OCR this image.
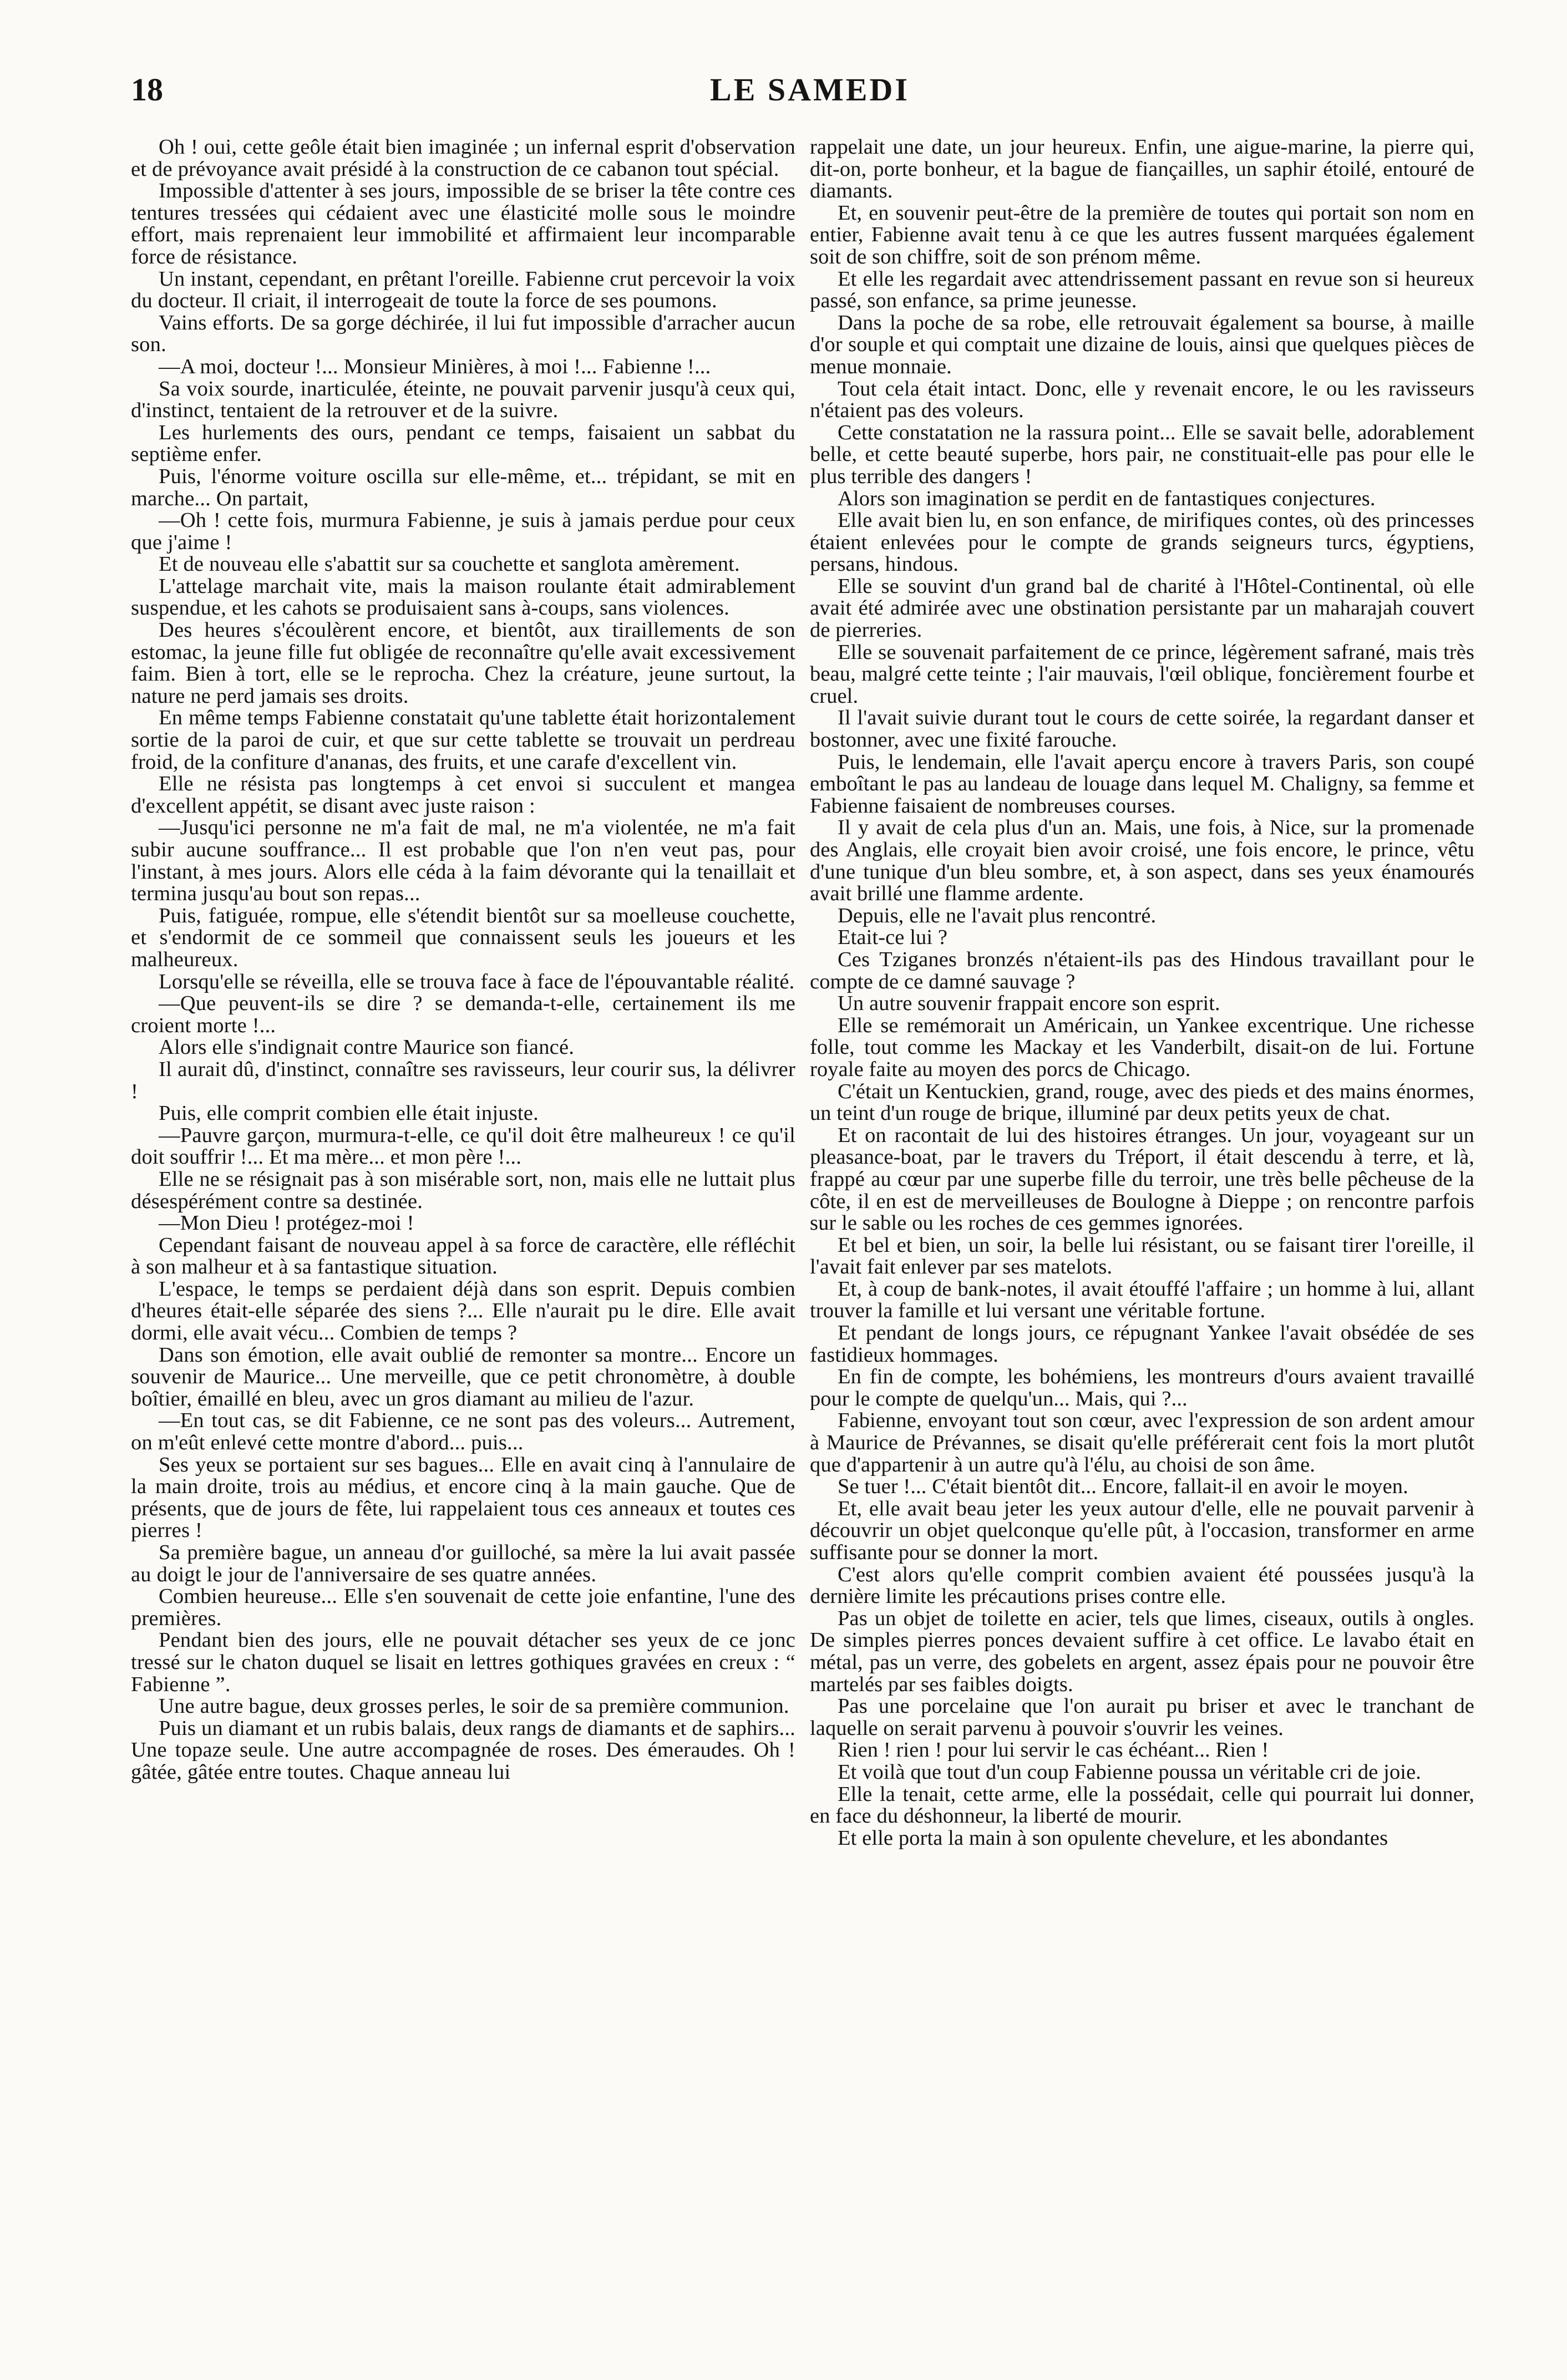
18	LE SAMEDI

Oh ! oui, cette geôle était bien imaginée ; un infernal esprit d'observation et de prévoyance avait présidé à la construction de ce cabanon tout spécial.

Impossible d'attenter à ses jours, impossible de se briser la tête contre ces tentures tressées qui cédaient avec une élasticité molle sous le moindre effort, mais reprenaient leur immobilité et affirmaient leur incomparable force de résistance.

Un instant, cependant, en prêtant l'oreille. Fabienne crut percevoir la voix du docteur. Il criait, il interrogeait de toute la force de ses poumons.

Vains efforts. De sa gorge déchirée, il lui fut impossible d'arracher aucun son.

—A moi, docteur !... Monsieur Minières, à moi !... Fabienne !...

Sa voix sourde, inarticulée, éteinte, ne pouvait parvenir jusqu'à ceux qui, d'instinct, tentaient de la retrouver et de la suivre.

Les hurlements des ours, pendant ce temps, faisaient un sabbat du septième enfer.

Puis, l'énorme voiture oscilla sur elle-même, et... trépidant, se mit en marche... On partait,

—Oh ! cette fois, murmura Fabienne, je suis à jamais perdue pour ceux que j'aime !

Et de nouveau elle s'abattit sur sa couchette et sanglota amèrement.

L'attelage marchait vite, mais la maison roulante était admirablement suspendue, et les cahots se produisaient sans à-coups, sans violences.

Des heures s'écoulèrent encore, et bientôt, aux tiraillements de son estomac, la jeune fille fut obligée de reconnaître qu'elle avait excessivement faim. Bien à tort, elle se le reprocha. Chez la créature, jeune surtout, la nature ne perd jamais ses droits.

En même temps Fabienne constatait qu'une tablette était horizontalement sortie de la paroi de cuir, et que sur cette tablette se trouvait un perdreau froid, de la confiture d'ananas, des fruits, et une carafe d'excellent vin.

Elle ne résista pas longtemps à cet envoi si succulent et mangea d'excellent appétit, se disant avec juste raison :

—Jusqu'ici personne ne m'a fait de mal, ne m'a violentée, ne m'a fait subir aucune souffrance... Il est probable que l'on n'en veut pas, pour l'instant, à mes jours. Alors elle céda à la faim dévorante qui la tenaillait et termina jusqu'au bout son repas...

Puis, fatiguée, rompue, elle s'étendit bientôt sur sa moelleuse couchette, et s'endormit de ce sommeil que connaissent seuls les joueurs et les malheureux.

Lorsqu'elle se réveilla, elle se trouva face à face de l'épouvantable réalité.

—Que peuvent-ils se dire ? se demanda-t-elle, certainement ils me croient morte !...

Alors elle s'indignait contre Maurice son fiancé.

Il aurait dû, d'instinct, connaître ses ravisseurs, leur courir sus, la délivrer !

Puis, elle comprit combien elle était injuste.

—Pauvre garçon, murmura-t-elle, ce qu'il doit être malheureux ! ce qu'il doit souffrir !... Et ma mère... et mon père !...

Elle ne se résignait pas à son misérable sort, non, mais elle ne luttait plus désespérément contre sa destinée.

—Mon Dieu ! protégez-moi !

Cependant faisant de nouveau appel à sa force de caractère, elle réfléchit à son malheur et à sa fantastique situation.

L'espace, le temps se perdaient déjà dans son esprit. Depuis combien d'heures était-elle séparée des siens ?... Elle n'aurait pu le dire. Elle avait dormi, elle avait vécu... Combien de temps ?

Dans son émotion, elle avait oublié de remonter sa montre... Encore un souvenir de Maurice... Une merveille, que ce petit chronomètre, à double boîtier, émaillé en bleu, avec un gros diamant au milieu de l'azur.

—En tout cas, se dit Fabienne, ce ne sont pas des voleurs... Autrement, on m'eût enlevé cette montre d'abord... puis...

Ses yeux se portaient sur ses bagues... Elle en avait cinq à l'annulaire de la main droite, trois au médius, et encore cinq à la main gauche. Que de présents, que de jours de fête, lui rappelaient tous ces anneaux et toutes ces pierres !

Sa première bague, un anneau d'or guilloché, sa mère la lui avait passée au doigt le jour de l'anniversaire de ses quatre années.

Combien heureuse... Elle s'en souvenait de cette joie enfantine, l'une des premières.

Pendant bien des jours, elle ne pouvait détacher ses yeux de ce jonc tressé sur le chaton duquel se lisait en lettres gothiques gravées en creux : “ Fabienne ”.

Une autre bague, deux grosses perles, le soir de sa première communion.

Puis un diamant et un rubis balais, deux rangs de diamants et de saphirs... Une topaze seule. Une autre accompagnée de roses. Des émeraudes. Oh ! gâtée, gâtée entre toutes. Chaque anneau lui

rappelait une date, un jour heureux. Enfin, une aigue-marine, la pierre qui, dit-on, porte bonheur, et la bague de fiançailles, un saphir étoilé, entouré de diamants.

Et, en souvenir peut-être de la première de toutes qui portait son nom en entier, Fabienne avait tenu à ce que les autres fussent marquées également soit de son chiffre, soit de son prénom même.

Et elle les regardait avec attendrissement passant en revue son si heureux passé, son enfance, sa prime jeunesse.

Dans la poche de sa robe, elle retrouvait également sa bourse, à maille d'or souple et qui comptait une dizaine de louis, ainsi que quelques pièces de menue monnaie.

Tout cela était intact. Donc, elle y revenait encore, le ou les ravisseurs n'étaient pas des voleurs.

Cette constatation ne la rassura point... Elle se savait belle, adorablement belle, et cette beauté superbe, hors pair, ne constituait-elle pas pour elle le plus terrible des dangers !

Alors son imagination se perdit en de fantastiques conjectures.

Elle avait bien lu, en son enfance, de mirifiques contes, où des princesses étaient enlevées pour le compte de grands seigneurs turcs, égyptiens, persans, hindous.

Elle se souvint d'un grand bal de charité à l'Hôtel-Continental, où elle avait été admirée avec une obstination persistante par un maharajah couvert de pierreries.

Elle se souvenait parfaitement de ce prince, légèrement safrané, mais très beau, malgré cette teinte ; l'air mauvais, l'œil oblique, foncièrement fourbe et cruel.

Il l'avait suivie durant tout le cours de cette soirée, la regardant danser et bostonner, avec une fixité farouche.

Puis, le lendemain, elle l'avait aperçu encore à travers Paris, son coupé emboîtant le pas au landeau de louage dans lequel M. Chaligny, sa femme et Fabienne faisaient de nombreuses courses.

Il y avait de cela plus d'un an. Mais, une fois, à Nice, sur la promenade des Anglais, elle croyait bien avoir croisé, une fois encore, le prince, vêtu d'une tunique d'un bleu sombre, et, à son aspect, dans ses yeux énamourés avait brillé une flamme ardente.

Depuis, elle ne l'avait plus rencontré.

Etait-ce lui ?

Ces Tziganes bronzés n'étaient-ils pas des Hindous travaillant pour le compte de ce damné sauvage ?

Un autre souvenir frappait encore son esprit.

Elle se remémorait un Américain, un Yankee excentrique. Une richesse folle, tout comme les Mackay et les Vanderbilt, disait-on de lui. Fortune royale faite au moyen des porcs de Chicago.

C'était un Kentuckien, grand, rouge, avec des pieds et des mains énormes, un teint d'un rouge de brique, illuminé par deux petits yeux de chat.

Et on racontait de lui des histoires étranges. Un jour, voyageant sur un pleasance-boat, par le travers du Tréport, il était descendu à terre, et là, frappé au cœur par une superbe fille du terroir, une très belle pêcheuse de la côte, il en est de merveilleuses de Boulogne à Dieppe ; on rencontre parfois sur le sable ou les roches de ces gemmes ignorées.

Et bel et bien, un soir, la belle lui résistant, ou se faisant tirer l'oreille, il l'avait fait enlever par ses matelots.

Et, à coup de bank-notes, il avait étouffé l'affaire ; un homme à lui, allant trouver la famille et lui versant une véritable fortune.

Et pendant de longs jours, ce répugnant Yankee l'avait obsédée de ses fastidieux hommages.

En fin de compte, les bohémiens, les montreurs d'ours avaient travaillé pour le compte de quelqu'un... Mais, qui ?...

Fabienne, envoyant tout son cœur, avec l'expression de son ardent amour à Maurice de Prévannes, se disait qu'elle préférerait cent fois la mort plutôt que d'appartenir à un autre qu'à l'élu, au choisi de son âme.

Se tuer !... C'était bientôt dit... Encore, fallait-il en avoir le moyen.

Et, elle avait beau jeter les yeux autour d'elle, elle ne pouvait parvenir à découvrir un objet quelconque qu'elle pût, à l'occasion, transformer en arme suffisante pour se donner la mort.

C'est alors qu'elle comprit combien avaient été poussées jusqu'à la dernière limite les précautions prises contre elle.

Pas un objet de toilette en acier, tels que limes, ciseaux, outils à ongles. De simples pierres ponces devaient suffire à cet office. Le lavabo était en métal, pas un verre, des gobelets en argent, assez épais pour ne pouvoir être martelés par ses faibles doigts.

Pas une porcelaine que l'on aurait pu briser et avec le tranchant de laquelle on serait parvenu à pouvoir s'ouvrir les veines.

Rien ! rien ! pour lui servir le cas échéant... Rien !

Et voilà que tout d'un coup Fabienne poussa un véritable cri de joie.

Elle la tenait, cette arme, elle la possédait, celle qui pourrait lui donner, en face du déshonneur, la liberté de mourir.

Et elle porta la main à son opulente chevelure, et les abondantes
